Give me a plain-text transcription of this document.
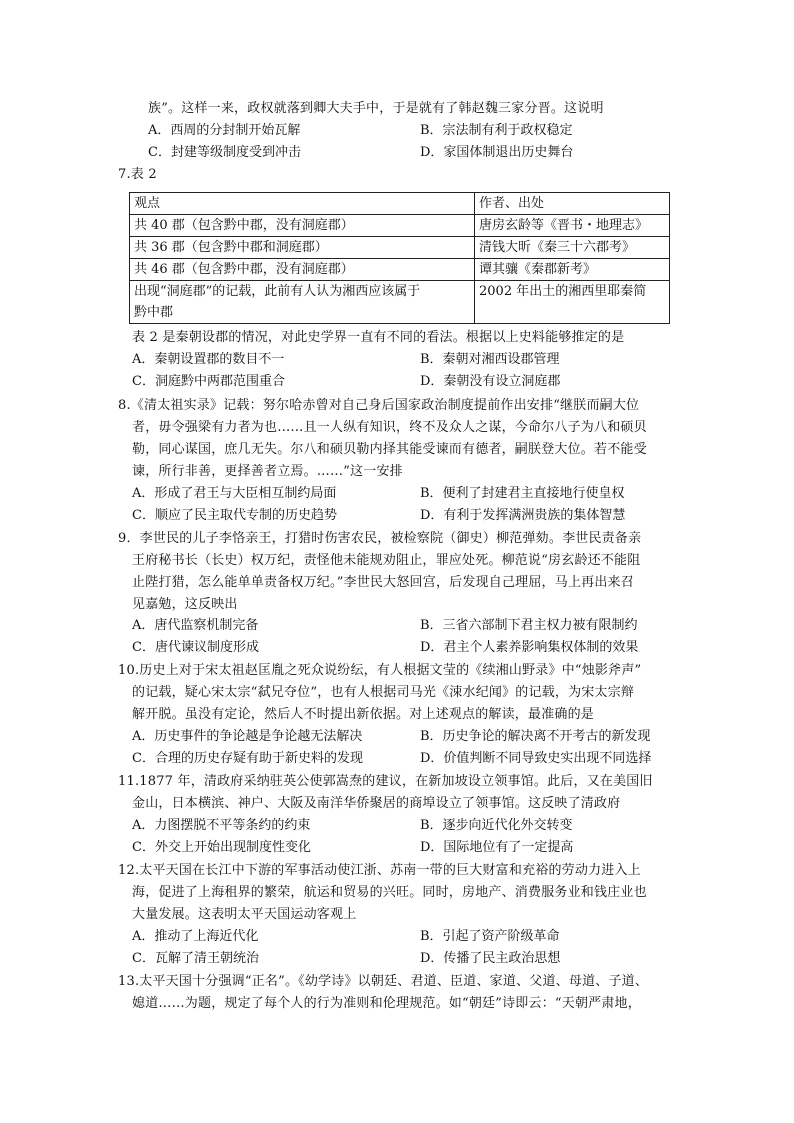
族”。这样一来，政权就落到卿大夫手中，于是就有了韩赵魏三家分晋。这说明
A．西周的分封制开始瓦解	B．宗法制有利于政权稳定
C．封建等级制度受到冲击	D．家国体制退出历史舞台
7.表 2
观点	作者、出处
共 40 郡（包含黔中郡，没有洞庭郡）	唐房玄龄等《晋书・地理志》
共 36 郡（包含黔中郡和洞庭郡）	清钱大昕《秦三十六郡考》
共 46 郡（包含黔中郡，没有洞庭郡）	谭其骧《秦郡新考》

出现“洞庭郡”的记载，此前有人认为湘西应该属于
黔中郡	2002 年出土的湘西里耶秦简
表 2 是秦朝设郡的情况，对此史学界一直有不同的看法。根据以上史料能够推定的是
A．秦朝设置郡的数目不一	B．秦朝对湘西设郡管理
C．洞庭黔中两郡范围重合	D．秦朝没有设立洞庭郡
8.《清太祖实录》记载：努尔哈赤曾对自己身后国家政治制度提前作出安排“继朕而嗣大位
者，毋令强梁有力者为也……且一人纵有知识，终不及众人之谋，今命尔八子为八和硕贝
勒，同心谋国，庶几无失。尔八和硕贝勒内择其能受谏而有德者，嗣朕登大位。若不能受
谏，所行非善，更择善者立焉。……”这一安排
A．形成了君王与大臣相互制约局面	B．便利了封建君主直接地行使皇权
C．顺应了民主取代专制的历史趋势	D．有利于发挥满洲贵族的集体智慧
9．李世民的儿子李恪亲王，打猎时伤害农民，被检察院（御史）柳范弹劾。李世民责备亲
王府秘书长（长史）权万纪，责怪他未能规劝阻止，罪应处死。柳范说“房玄龄还不能阻
止陛打猎，怎么能单单责备权万纪。”李世民大怒回宫，后发现自己理屈，马上再出来召
见嘉勉，这反映出
A．唐代监察机制完备	B．三省六部制下君主权力被有限制约
C．唐代谏议制度形成	D．君主个人素养影响集权体制的效果
10.历史上对于宋太祖赵匡胤之死众说纷纭，有人根据文莹的《续湘山野录》中“烛影斧声”
的记载，疑心宋太宗“弑兄夺位”，也有人根据司马光《涑水纪闻》的记载，为宋太宗辩
解开脱。虽没有定论，然后人不时提出新依据。对上述观点的解读，最准确的是
A．历史事件的争论越是争论越无法解决	B．历史争论的解决离不开考古的新发现
C．合理的历史存疑有助于新史料的发现	D．价值判断不同导致史实出现不同选择
11.1877 年，清政府采纳驻英公使郭嵩焘的建议，在新加坡设立领事馆。此后，又在美国旧
金山，日本横滨、神户、大阪及南洋华侨聚居的商埠设立了领事馆。这反映了清政府
A．力图摆脱不平等条约的约束	B．逐步向近代化外交转变
C．外交上开始出现制度性变化	D．国际地位有了一定提高
12.太平天国在长江中下游的军事活动使江浙、苏南一带的巨大财富和充裕的劳动力进入上
海，促进了上海租界的繁荣，航运和贸易的兴旺。同时，房地产、消费服务业和钱庄业也
大量发展。这表明太平天国运动客观上
A．推动了上海近代化	B．引起了资产阶级革命
C．瓦解了清王朝统治	D．传播了民主政治思想
13.太平天国十分强调“正名”。《幼学诗》以朝廷、君道、臣道、家道、父道、母道、子道、
媳道……为题，规定了每个人的行为准则和伦理规范。如“朝廷”诗即云：“天朝严肃地，
